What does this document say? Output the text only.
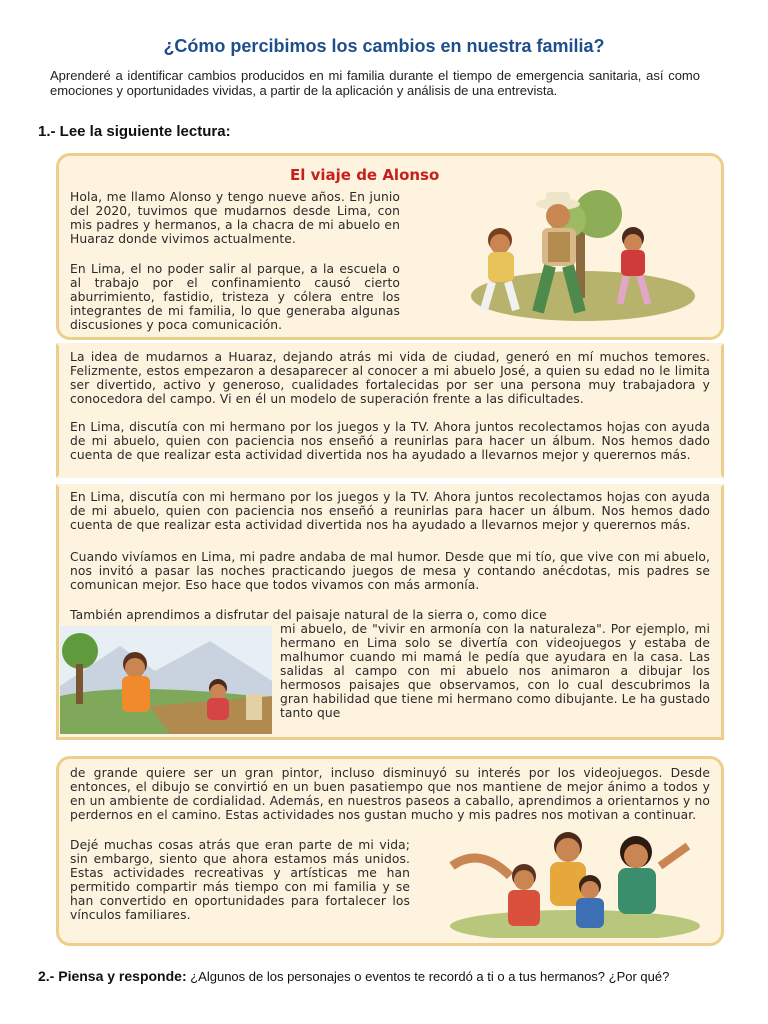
¿Cómo percibimos los cambios en nuestra familia?
Aprenderé a identificar cambios producidos en mi familia durante el tiempo de emergencia sanitaria, así como emociones y oportunidades vividas, a partir de la aplicación y análisis de una entrevista.
1.- Lee la siguiente lectura:
El viaje de Alonso
Hola, me llamo Alonso y tengo nueve años. En junio del 2020, tuvimos que mudarnos desde Lima, con mis padres y hermanos, a la chacra de mi abuelo en Huaraz donde vivimos actualmente.
En Lima, el no poder salir al parque, a la escuela o al trabajo por el confinamiento causó cierto aburrimiento, fastidio, tristeza y cólera entre los integrantes de mi familia, lo que generaba algunas discusiones y poca comunicación.
La idea de mudarnos a Huaraz, dejando atrás mi vida de ciudad, generó en mí muchos temores. Felizmente, estos empezaron a desaparecer al conocer a mi abuelo José, a quien su edad no le limita ser divertido, activo y generoso, cualidades fortalecidas por ser una persona muy trabajadora y conocedora del campo. Vi en él un modelo de superación frente a las dificultades.
En Lima, discutía con mi hermano por los juegos y la TV. Ahora juntos recolectamos hojas con ayuda de mi abuelo, quien con paciencia nos enseñó a reunirlas para hacer un álbum. Nos hemos dado cuenta de que realizar esta actividad divertida nos ha ayudado a llevarnos mejor y querernos más.
En Lima, discutía con mi hermano por los juegos y la TV. Ahora juntos recolectamos hojas con ayuda de mi abuelo, quien con paciencia nos enseñó a reunirlas para hacer un álbum. Nos hemos dado cuenta de que realizar esta actividad divertida nos ha ayudado a llevarnos mejor y querernos más.
Cuando vivíamos en Lima, mi padre andaba de mal humor. Desde que mi tío, que vive con mi abuelo, nos invitó a pasar las noches practicando juegos de mesa y contando anécdotas, mis padres se comunican mejor. Eso hace que todos vivamos con más armonía.
También aprendimos a disfrutar del paisaje natural de la sierra o, como dice
mi abuelo, de "vivir en armonía con la naturaleza". Por ejemplo, mi hermano en Lima solo se divertía con videojuegos y estaba de malhumor cuando mi mamá le pedía que ayudara en la casa. Las salidas al campo con mi abuelo nos animaron a dibujar los hermosos paisajes que observamos, con lo cual descubrimos la gran habilidad que tiene mi hermano como dibujante. Le ha gustado tanto que
de grande quiere ser un gran pintor, incluso disminuyó su interés por los videojuegos. Desde entonces, el dibujo se convirtió en un buen pasatiempo que nos mantiene de mejor ánimo a todos y en un ambiente de cordialidad. Además, en nuestros paseos a caballo, aprendimos a orientarnos y no perdernos en el camino. Estas actividades nos gustan mucho y mis padres nos motivan a continuar.
Dejé muchas cosas atrás que eran parte de mi vida; sin embargo, siento que ahora estamos más unidos. Estas actividades recreativas y artísticas me han permitido compartir más tiempo con mi familia y se han convertido en oportunidades para fortalecer los vínculos familiares.
2.- Piensa y responde: ¿Algunos de los personajes o eventos te recordó a ti o a tus hermanos? ¿Por qué?
